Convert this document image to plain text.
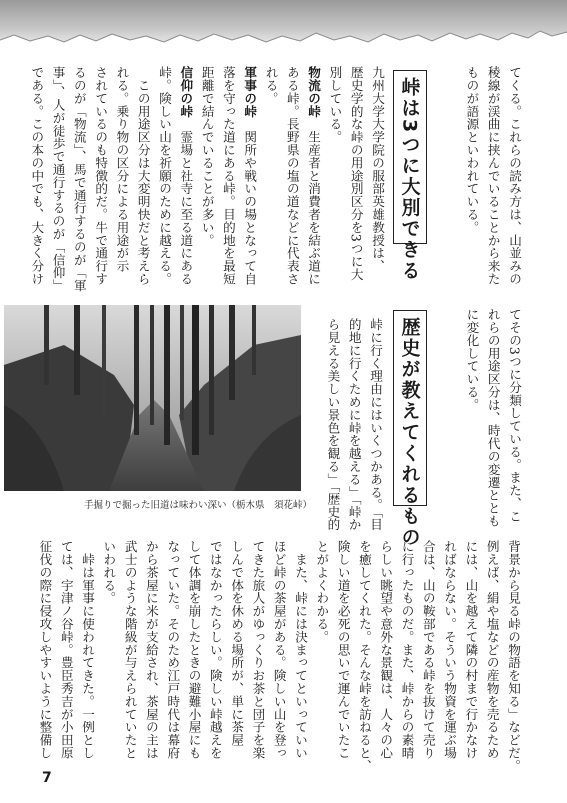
てくる。これらの読み方は、山並みの

稜線が渓曲に挟んでいることから来た

ものが語源といわれている。

峠は3つに大別できる

九州大学大学院の服部英雄教授は、

歴史学的な峠の用途別区分を3つに大

別している。

物流の峠　生産者と消費者を結ぶ道に

ある峠。長野県の塩の道などに代表さ

れる。

軍事の峠　関所や戦いの場となって自

落を守った道にある峠。目的地を最短

距離で結んでいることが多い。

信仰の峠　霊場と社寺に至る道にある

峠。険しい山を祈願のために越える。

　この用途区分は大変明快だと考えら

れる。乗り物の区分による用途が示

されているのも特徴的だ。牛で通行す

るのが「物流」、馬で通行するのが「軍

事」、人が徒歩で通行するのが「信仰」

である。この本の中でも、大きく分け

てその3つに分類している。また、こ

れらの用途区分は、時代の変遷ととも

に変化している。

歴史が教えてくれるもの

峠に行く理由にはいくつかある。「目

的地に行くために峠を越える」「峠か

ら見える美しい景色を観る」「歴史的

手掘りで掘った旧道は味わい深い（栃木県　須花峠）

背景から見る峠の物語を知る」などだ。

例えば、絹や塩などの産物を売るため

には、山を越えて隣の村まで行かなけ

ればならない。そういう物資を運ぶ場

合は、山の鞍部である峠を抜けて売り

に行ったものだ。また、峠からの素晴

らしい眺望や意外な景観は、人々の心

を癒してくれた。そんな峠を訪ねると、

険しい道を必死の思いで運んでいたこ

とがよくわかる。

　また、峠には決まってといっていい

ほど峠の茶屋がある。険しい山を登っ

てきた旅人がゆっくりお茶と団子を楽

しんで体を休める場所が、単に茶屋

ではなかったらしい。険しい峠越えを

して体調を崩したときの避難小屋にも

なっていた。そのため江戸時代は幕府

から茶屋に米が支給され、茶屋の主は

武士のような階級が与えられていたと

いわれる。

　峠は軍事に使われてきた。一例とし

ては、宇津ノ谷峠。豊臣秀吉が小田原

征伐の際に侵攻しやすいように整備し

7
